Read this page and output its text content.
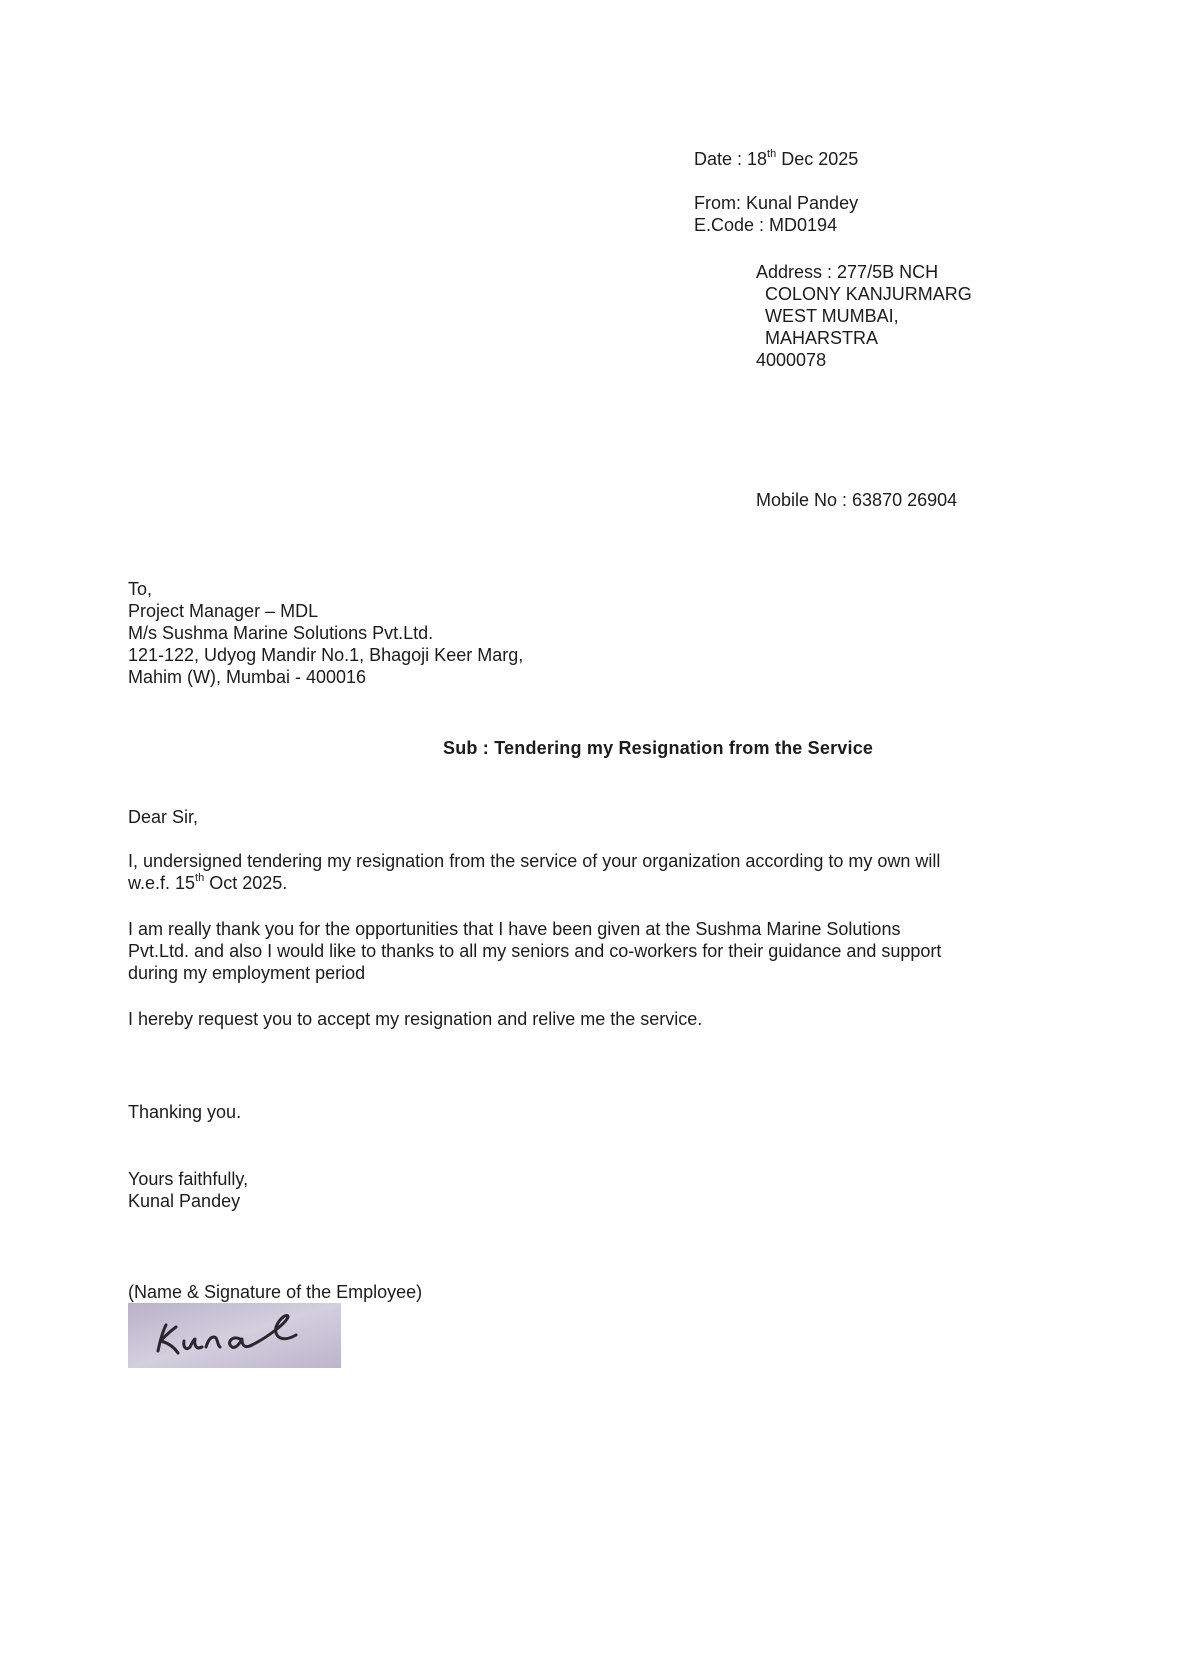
Date : 18th Dec 2025
From: Kunal Pandey
E.Code : MD0194
Address : 277/5B NCH
COLONY KANJURMARG
WEST MUMBAI,
MAHARSTRA
4000078
Mobile No : 63870 26904
To,
Project Manager – MDL
M/s Sushma Marine Solutions Pvt.Ltd.
121-122, Udyog Mandir No.1, Bhagoji Keer Marg,
Mahim (W), Mumbai - 400016
Sub : Tendering my Resignation from the Service
Dear Sir,
I, undersigned tendering my resignation from the service of your organization according to my own will
w.e.f. 15th Oct 2025.
I am really thank you for the opportunities that I have been given at the Sushma Marine Solutions
Pvt.Ltd. and also I would like to thanks to all my seniors and co-workers for their guidance and support
during my employment period
I hereby request you to accept my resignation and relive me the service.
Thanking you.
Yours faithfully,
Kunal Pandey
(Name & Signature of the Employee)
